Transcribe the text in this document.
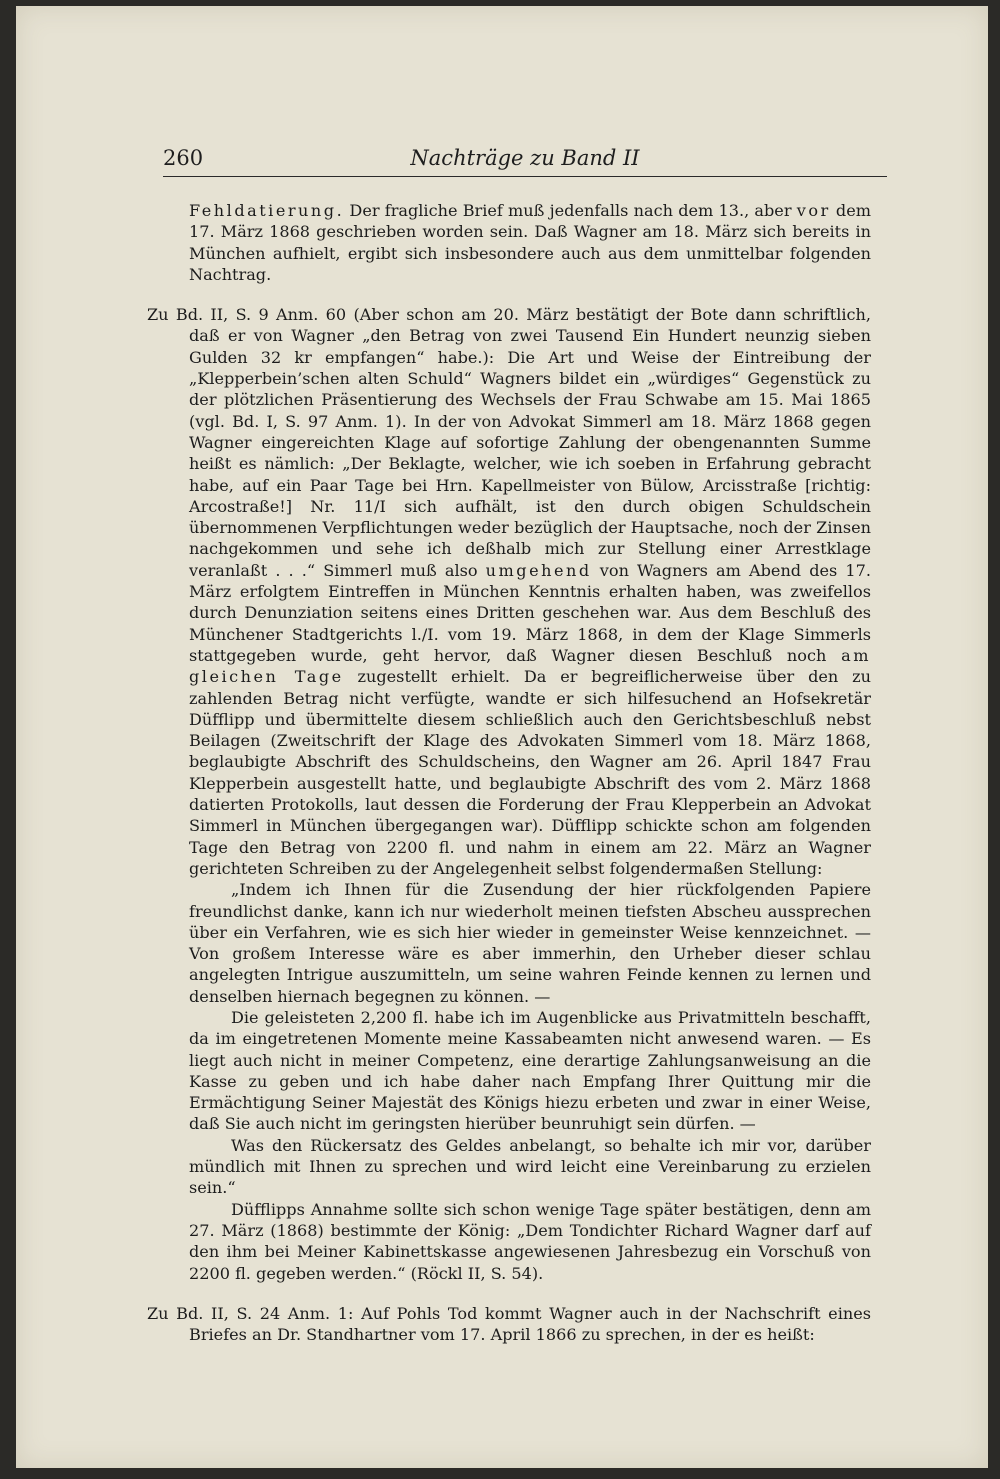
260	Nachträge zu Band II

Fehldatierung. Der fragliche Brief muß jedenfalls nach dem 13., aber vor dem 17. März 1868 geschrieben worden sein. Daß Wagner am 18. März sich bereits in München aufhielt, ergibt sich insbesondere auch aus dem unmittelbar folgenden Nachtrag.

Zu Bd. II, S. 9 Anm. 60 (Aber schon am 20. März bestätigt der Bote dann schriftlich, daß er von Wagner „den Betrag von zwei Tausend Ein Hundert neunzig sieben Gulden 32 kr empfangen“ habe.): Die Art und Weise der Eintreibung der „Klepperbein’schen alten Schuld“ Wagners bildet ein „würdiges“ Gegenstück zu der plötzlichen Präsentierung des Wechsels der Frau Schwabe am 15. Mai 1865 (vgl. Bd. I, S. 97 Anm. 1). In der von Advokat Simmerl am 18. März 1868 gegen Wagner eingereichten Klage auf sofortige Zahlung der obengenannten Summe heißt es nämlich: „Der Beklagte, welcher, wie ich soeben in Erfahrung gebracht habe, auf ein Paar Tage bei Hrn. Kapellmeister von Bülow, Arcisstraße [richtig: Arcostraße!] Nr. 11/I sich aufhält, ist den durch obigen Schuldschein übernommenen Verpflichtungen weder bezüglich der Hauptsache, noch der Zinsen nachgekommen und sehe ich deßhalb mich zur Stellung einer Arrestklage veranlaßt . . .“ Simmerl muß also umgehend von Wagners am Abend des 17. März erfolgtem Eintreffen in München Kenntnis erhalten haben, was zweifellos durch Denunziation seitens eines Dritten geschehen war. Aus dem Beschluß des Münchener Stadtgerichts l./I. vom 19. März 1868, in dem der Klage Simmerls stattgegeben wurde, geht hervor, daß Wagner diesen Beschluß noch am gleichen Tage zugestellt erhielt. Da er begreiflicherweise über den zu zahlenden Betrag nicht verfügte, wandte er sich hilfesuchend an Hofsekretär Düfflipp und übermittelte diesem schließlich auch den Gerichtsbeschluß nebst Beilagen (Zweitschrift der Klage des Advokaten Simmerl vom 18. März 1868, beglaubigte Abschrift des Schuldscheins, den Wagner am 26. April 1847 Frau Klepperbein ausgestellt hatte, und beglaubigte Abschrift des vom 2. März 1868 datierten Protokolls, laut dessen die Forderung der Frau Klepperbein an Advokat Simmerl in München übergegangen war). Düfflipp schickte schon am folgenden Tage den Betrag von 2200 fl. und nahm in einem am 22. März an Wagner gerichteten Schreiben zu der Angelegenheit selbst folgendermaßen Stellung:

„Indem ich Ihnen für die Zusendung der hier rückfolgenden Papiere freundlichst danke, kann ich nur wiederholt meinen tiefsten Abscheu aussprechen über ein Verfahren, wie es sich hier wieder in gemeinster Weise kennzeichnet. — Von großem Interesse wäre es aber immerhin, den Urheber dieser schlau angelegten Intrigue auszumitteln, um seine wahren Feinde kennen zu lernen und denselben hiernach begegnen zu können. —

Die geleisteten 2,200 fl. habe ich im Augenblicke aus Privatmitteln beschafft, da im eingetretenen Momente meine Kassabeamten nicht anwesend waren. — Es liegt auch nicht in meiner Competenz, eine derartige Zahlungsanweisung an die Kasse zu geben und ich habe daher nach Empfang Ihrer Quittung mir die Ermächtigung Seiner Majestät des Königs hiezu erbeten und zwar in einer Weise, daß Sie auch nicht im geringsten hierüber beunruhigt sein dürfen. —

Was den Rückersatz des Geldes anbelangt, so behalte ich mir vor, darüber mündlich mit Ihnen zu sprechen und wird leicht eine Vereinbarung zu erzielen sein.“

Düfflipps Annahme sollte sich schon wenige Tage später bestätigen, denn am 27. März (1868) bestimmte der König: „Dem Tondichter Richard Wagner darf auf den ihm bei Meiner Kabinettskasse angewiesenen Jahresbezug ein Vorschuß von 2200 fl. gegeben werden.“ (Röckl II, S. 54).

Zu Bd. II, S. 24 Anm. 1: Auf Pohls Tod kommt Wagner auch in der Nachschrift eines Briefes an Dr. Standhartner vom 17. April 1866 zu sprechen, in der es heißt:
